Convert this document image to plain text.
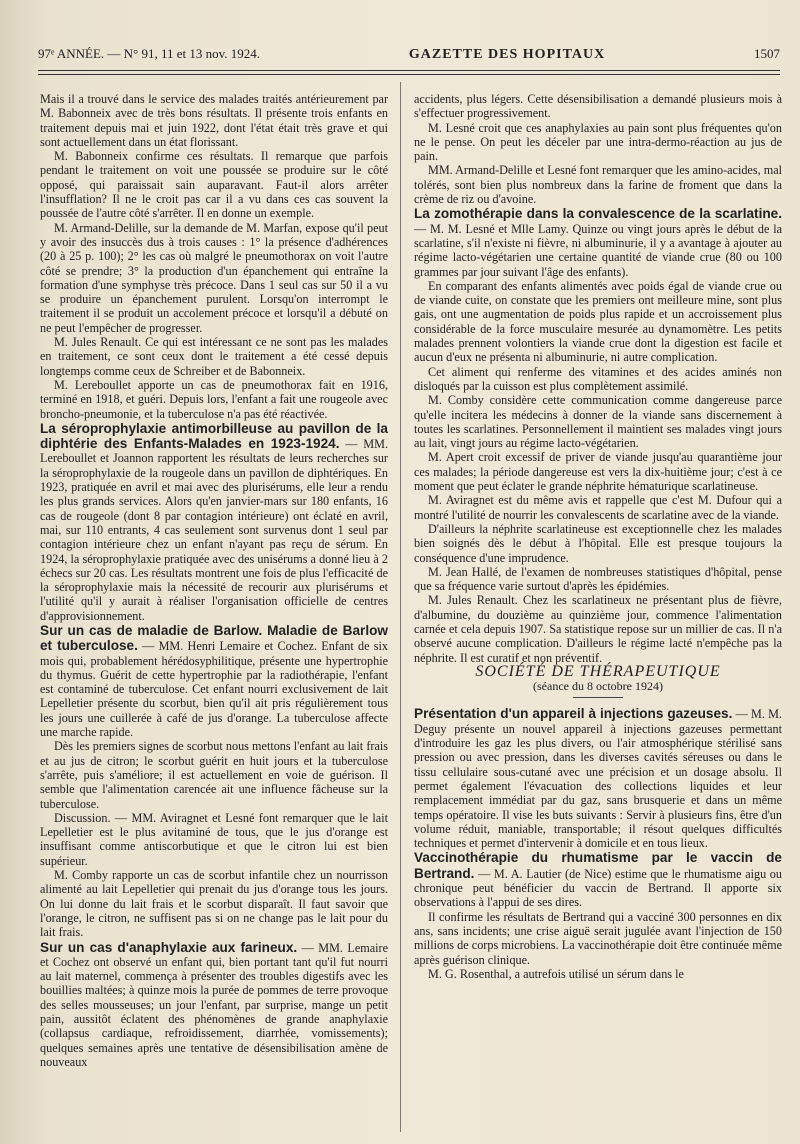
97ᵉ ANNÉE. — N° 91, 11 et 13 nov. 1924.	GAZETTE DES HOPITAUX	1507

Mais il a trouvé dans le service des malades traités antérieurement par M. Babonneix avec de très bons résultats. Il présente trois enfants en traitement depuis mai et juin 1922, dont l'état était très grave et qui sont actuellement dans un état florissant.

M. Babonneix confirme ces résultats. Il remarque que parfois pendant le traitement on voit une poussée se produire sur le côté opposé, qui paraissait sain auparavant. Faut-il alors arrêter l'insufflation? Il ne le croit pas car il a vu dans ces cas souvent la poussée de l'autre côté s'arrêter. Il en donne un exemple.

M. Armand-Delille, sur la demande de M. Marfan, expose qu'il peut y avoir des insuccès dus à trois causes : 1° la présence d'adhérences (20 à 25 p. 100); 2° les cas où malgré le pneumothorax on voit l'autre côté se prendre; 3° la production d'un épanchement qui entraîne la formation d'une symphyse très précoce. Dans 1 seul cas sur 50 il a vu se produire un épanchement purulent. Lorsqu'on interrompt le traitement il se produit un accolement précoce et lorsqu'il a débuté on ne peut l'empêcher de progresser.

M. Jules Renault. Ce qui est intéressant ce ne sont pas les malades en traitement, ce sont ceux dont le traitement a été cessé depuis longtemps comme ceux de Schreiber et de Babonneix.

M. Lereboullet apporte un cas de pneumothorax fait en 1916, terminé en 1918, et guéri. Depuis lors, l'enfant a fait une rougeole avec broncho-pneumonie, et la tuberculose n'a pas été réactivée.

La séroprophylaxie antimorbilleuse au pavillon de la diphtérie des Enfants-Malades en 1923-1924. — MM. Lereboullet et Joannon rapportent les résultats de leurs recherches sur la séroprophylaxie de la rougeole dans un pavillon de diphtériques. En 1923, pratiquée en avril et mai avec des plurisérums, elle leur a rendu les plus grands services. Alors qu'en janvier-mars sur 180 enfants, 16 cas de rougeole (dont 8 par contagion intérieure) ont éclaté en avril, mai, sur 110 entrants, 4 cas seulement sont survenus dont 1 seul par contagion intérieure chez un enfant n'ayant pas reçu de sérum. En 1924, la séroprophylaxie pratiquée avec des unisérums a donné lieu à 2 échecs sur 20 cas. Les résultats montrent une fois de plus l'efficacité de la séroprophylaxie mais la nécessité de recourir aux plurisérums et l'utilité qu'il y aurait à réaliser l'organisation officielle de centres d'approvisionnement.

Sur un cas de maladie de Barlow. Maladie de Barlow et tuberculose. — MM. Henri Lemaire et Cochez. Enfant de six mois qui, probablement hérédosyphilitique, présente une hypertrophie du thymus. Guérit de cette hypertrophie par la radiothérapie, l'enfant est contaminé de tuberculose. Cet enfant nourri exclusivement de lait Lepelletier présente du scorbut, bien qu'il ait pris régulièrement tous les jours une cuillerée à café de jus d'orange. La tuberculose affecte une marche rapide.

Dès les premiers signes de scorbut nous mettons l'enfant au lait frais et au jus de citron; le scorbut guérit en huit jours et la tuberculose s'arrête, puis s'améliore; il est actuellement en voie de guérison. Il semble que l'alimentation carencée ait une influence fâcheuse sur la tuberculose.

Discussion. — MM. Aviragnet et Lesné font remarquer que le lait Lepelletier est le plus avitaminé de tous, que le jus d'orange est insuffisant comme antiscorbutique et que le citron lui est bien supérieur.

M. Comby rapporte un cas de scorbut infantile chez un nourrisson alimenté au lait Lepelletier qui prenait du jus d'orange tous les jours. On lui donne du lait frais et le scorbut disparaît. Il faut savoir que l'orange, le citron, ne suffisent pas si on ne change pas le lait pour du lait frais.

Sur un cas d'anaphylaxie aux farineux. — MM. Lemaire et Cochez ont observé un enfant qui, bien portant tant qu'il fut nourri au lait maternel, commença à présenter des troubles digestifs avec les bouillies maltées; à quinze mois la purée de pommes de terre provoque des selles mousseuses; un jour l'enfant, par surprise, mange un petit pain, aussitôt éclatent des phénomènes de grande anaphylaxie (collapsus cardiaque, refroidissement, diarrhée, vomissements); quelques semaines après une tentative de désensibilisation amène de nouveaux

accidents, plus légers. Cette désensibilisation a demandé plusieurs mois à s'effectuer progressivement.

M. Lesné croit que ces anaphylaxies au pain sont plus fréquentes qu'on ne le pense. On peut les déceler par une intra-dermo-réaction au jus de pain.

MM. Armand-Delille et Lesné font remarquer que les amino-acides, mal tolérés, sont bien plus nombreux dans la farine de froment que dans la crème de riz ou d'avoine.

La zomothérapie dans la convalescence de la scarlatine. — M. M. Lesné et Mlle Lamy. Quinze ou vingt jours après le début de la scarlatine, s'il n'existe ni fièvre, ni albuminurie, il y a avantage à ajouter au régime lacto-végétarien une certaine quantité de viande crue (80 ou 100 grammes par jour suivant l'âge des enfants).

En comparant des enfants alimentés avec poids égal de viande crue ou de viande cuite, on constate que les premiers ont meilleure mine, sont plus gais, ont une augmentation de poids plus rapide et un accroissement plus considérable de la force musculaire mesurée au dynamomètre. Les petits malades prennent volontiers la viande crue dont la digestion est facile et aucun d'eux ne présenta ni albuminurie, ni autre complication.

Cet aliment qui renferme des vitamines et des acides aminés non disloqués par la cuisson est plus complètement assimilé.

M. Comby considère cette communication comme dangereuse parce qu'elle incitera les médecins à donner de la viande sans discernement à toutes les scarlatines. Personnellement il maintient ses malades vingt jours au lait, vingt jours au régime lacto-végétarien.

M. Apert croit excessif de priver de viande jusqu'au quarantième jour ces malades; la période dangereuse est vers la dix-huitième jour; c'est à ce moment que peut éclater le grande néphrite hématurique scarlatineuse.

M. Aviragnet est du même avis et rappelle que c'est M. Dufour qui a montré l'utilité de nourrir les convalescents de scarlatine avec de la viande.

D'ailleurs la néphrite scarlatineuse est exceptionnelle chez les malades bien soignés dès le début à l'hôpital. Elle est presque toujours la conséquence d'une imprudence.

M. Jean Hallé, de l'examen de nombreuses statistiques d'hôpital, pense que sa fréquence varie surtout d'après les épidémies.

M. Jules Renault. Chez les scarlatineux ne présentant plus de fièvre, d'albumine, du douzième au quinzième jour, commence l'alimentation carnée et cela depuis 1907. Sa statistique repose sur un millier de cas. Il n'a observé aucune complication. D'ailleurs le régime lacté n'empêche pas la néphrite. Il est curatif et non préventif.

SOCIÉTÉ DE THÉRAPEUTIQUE

(séance du 8 octobre 1924)

Présentation d'un appareil à injections gazeuses. — M. M. Deguy présente un nouvel appareil à injections gazeuses permettant d'introduire les gaz les plus divers, ou l'air atmosphérique stérilisé sans pression ou avec pression, dans les diverses cavités séreuses ou dans le tissu cellulaire sous-cutané avec une précision et un dosage absolu. Il permet également l'évacuation des collections liquides et leur remplacement immédiat par du gaz, sans brusquerie et dans un même temps opératoire. Il vise les buts suivants : Servir à plusieurs fins, être d'un volume réduit, maniable, transportable; il résout quelques difficultés techniques et permet d'intervenir à domicile et en tous lieux.

Vaccinothérapie du rhumatisme par le vaccin de Bertrand. — M. A. Lautier (de Nice) estime que le rhumatisme aigu ou chronique peut bénéficier du vaccin de Bertrand. Il apporte six observations à l'appui de ses dires.

Il confirme les résultats de Bertrand qui a vacciné 300 personnes en dix ans, sans incidents; une crise aiguë serait jugulée avant l'injection de 150 millions de corps microbiens. La vaccinothérapie doit être continuée même après guérison clinique.

M. G. Rosenthal, a autrefois utilisé un sérum dans le
